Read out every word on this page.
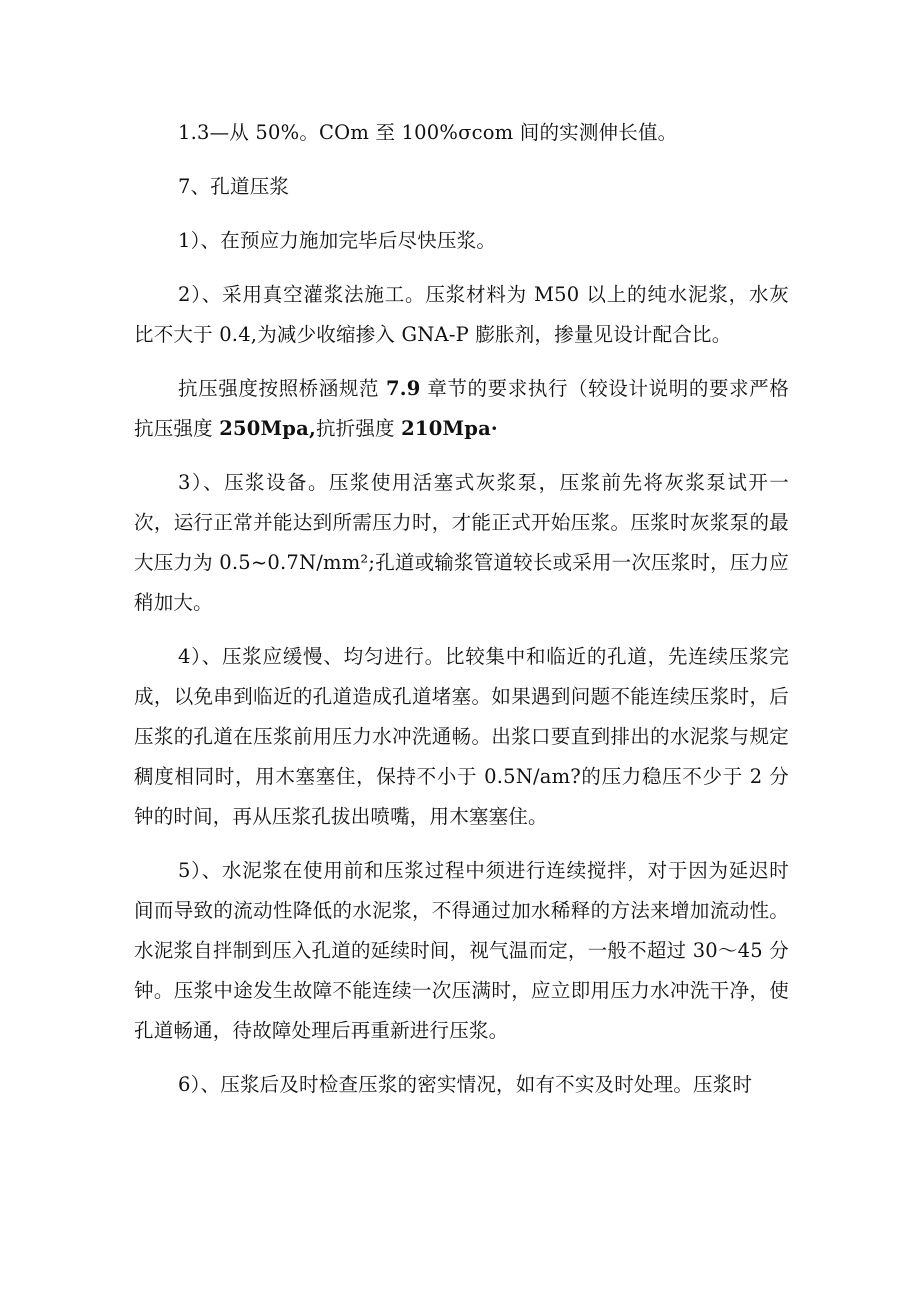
1.3—从 50%。COm 至 100%σcom 间的实测伸长值。

7、孔道压浆

1）、在预应力施加完毕后尽快压浆。

2）、采用真空灌浆法施工。压浆材料为 M50 以上的纯水泥浆，水灰比不大于 0.4,为减少收缩掺入 GNA-P 膨胀剂，掺量见设计配合比。

抗压强度按照桥涵规范 7.9 章节的要求执行（较设计说明的要求严格抗压强度 250Mpa,抗折强度 210Mpa·

3）、压浆设备。压浆使用活塞式灰浆泵，压浆前先将灰浆泵试开一次，运行正常并能达到所需压力时，才能正式开始压浆。压浆时灰浆泵的最大压力为 0.5~0.7N∕mm²;孔道或输浆管道较长或采用一次压浆时，压力应稍加大。

4）、压浆应缓慢、均匀进行。比较集中和临近的孔道，先连续压浆完成，以免串到临近的孔道造成孔道堵塞。如果遇到问题不能连续压浆时，后压浆的孔道在压浆前用压力水冲洗通畅。出浆口要直到排出的水泥浆与规定稠度相同时，用木塞塞住，保持不小于 0.5N/am?的压力稳压不少于 2 分钟的时间，再从压浆孔拔出喷嘴，用木塞塞住。

5）、水泥浆在使用前和压浆过程中须进行连续搅拌，对于因为延迟时间而导致的流动性降低的水泥浆，不得通过加水稀释的方法来增加流动性。水泥浆自拌制到压入孔道的延续时间，视气温而定，一般不超过 30～45 分钟。压浆中途发生故障不能连续一次压满时，应立即用压力水冲洗干净，使孔道畅通，待故障处理后再重新进行压浆。

6）、压浆后及时检查压浆的密实情况，如有不实及时处理。压浆时
